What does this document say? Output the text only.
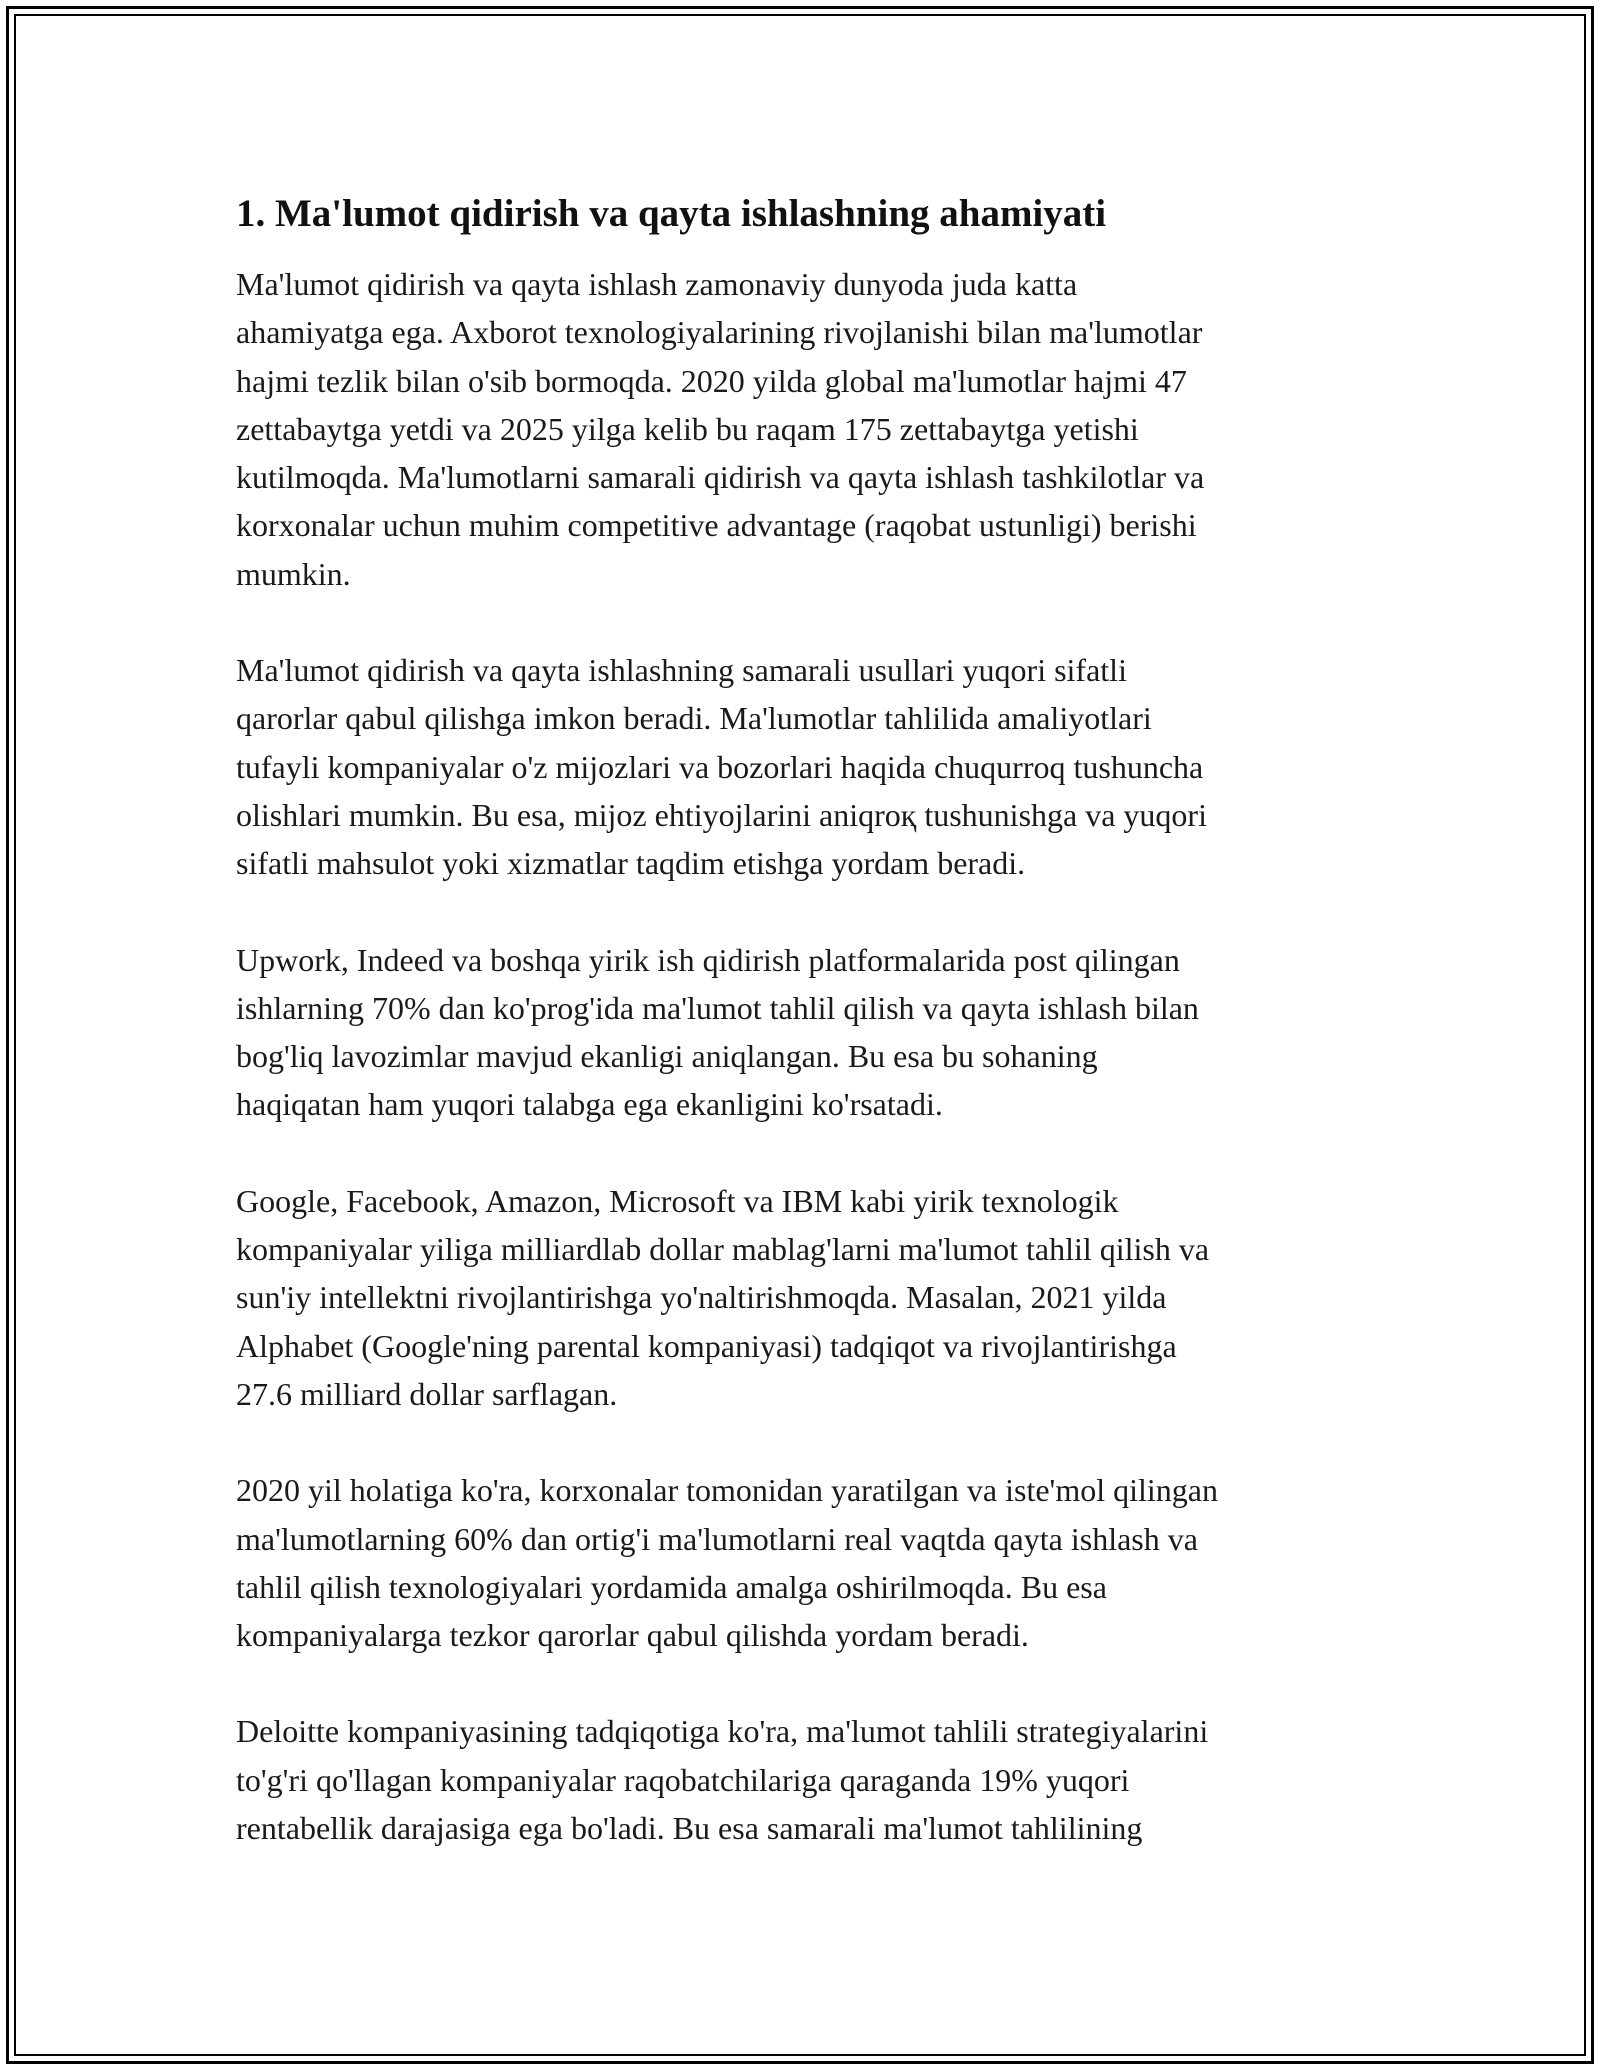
1. Ma'lumot qidirish va qayta ishlashning ahamiyati

Ma'lumot qidirish va qayta ishlash zamonaviy dunyoda juda katta
ahamiyatga ega. Axborot texnologiyalarining rivojlanishi bilan ma'lumotlar
hajmi tezlik bilan o'sib bormoqda. 2020 yilda global ma'lumotlar hajmi 47
zettabaytga yetdi va 2025 yilga kelib bu raqam 175 zettabaytga yetishi
kutilmoqda. Ma'lumotlarni samarali qidirish va qayta ishlash tashkilotlar va
korxonalar uchun muhim competitive advantage (raqobat ustunligi) berishi
mumkin.

Ma'lumot qidirish va qayta ishlashning samarali usullari yuqori sifatli
qarorlar qabul qilishga imkon beradi. Ma'lumotlar tahlilida amaliyotlari
tufayli kompaniyalar o'z mijozlari va bozorlari haqida chuqurroq tushuncha
olishlari mumkin. Bu esa, mijoz ehtiyojlarini aniqroқ tushunishga va yuqori
sifatli mahsulot yoki xizmatlar taqdim etishga yordam beradi.

Upwork, Indeed va boshqa yirik ish qidirish platformalarida post qilingan
ishlarning 70% dan ko'prog'ida ma'lumot tahlil qilish va qayta ishlash bilan
bog'liq lavozimlar mavjud ekanligi aniqlangan. Bu esa bu sohaning
haqiqatan ham yuqori talabga ega ekanligini ko'rsatadi.

Google, Facebook, Amazon, Microsoft va IBM kabi yirik texnologik
kompaniyalar yiliga milliardlab dollar mablag'larni ma'lumot tahlil qilish va
sun'iy intellektni rivojlantirishga yo'naltirishmoqda. Masalan, 2021 yilda
Alphabet (Google'ning parental kompaniyasi) tadqiqot va rivojlantirishga
27.6 milliard dollar sarflagan.

2020 yil holatiga ko'ra, korxonalar tomonidan yaratilgan va iste'mol qilingan
ma'lumotlarning 60% dan ortig'i ma'lumotlarni real vaqtda qayta ishlash va
tahlil qilish texnologiyalari yordamida amalga oshirilmoqda. Bu esa
kompaniyalarga tezkor qarorlar qabul qilishda yordam beradi.

Deloitte kompaniyasining tadqiqotiga ko'ra, ma'lumot tahlili strategiyalarini
to'g'ri qo'llagan kompaniyalar raqobatchilariga qaraganda 19% yuqori
rentabellik darajasiga ega bo'ladi. Bu esa samarali ma'lumot tahlilining
